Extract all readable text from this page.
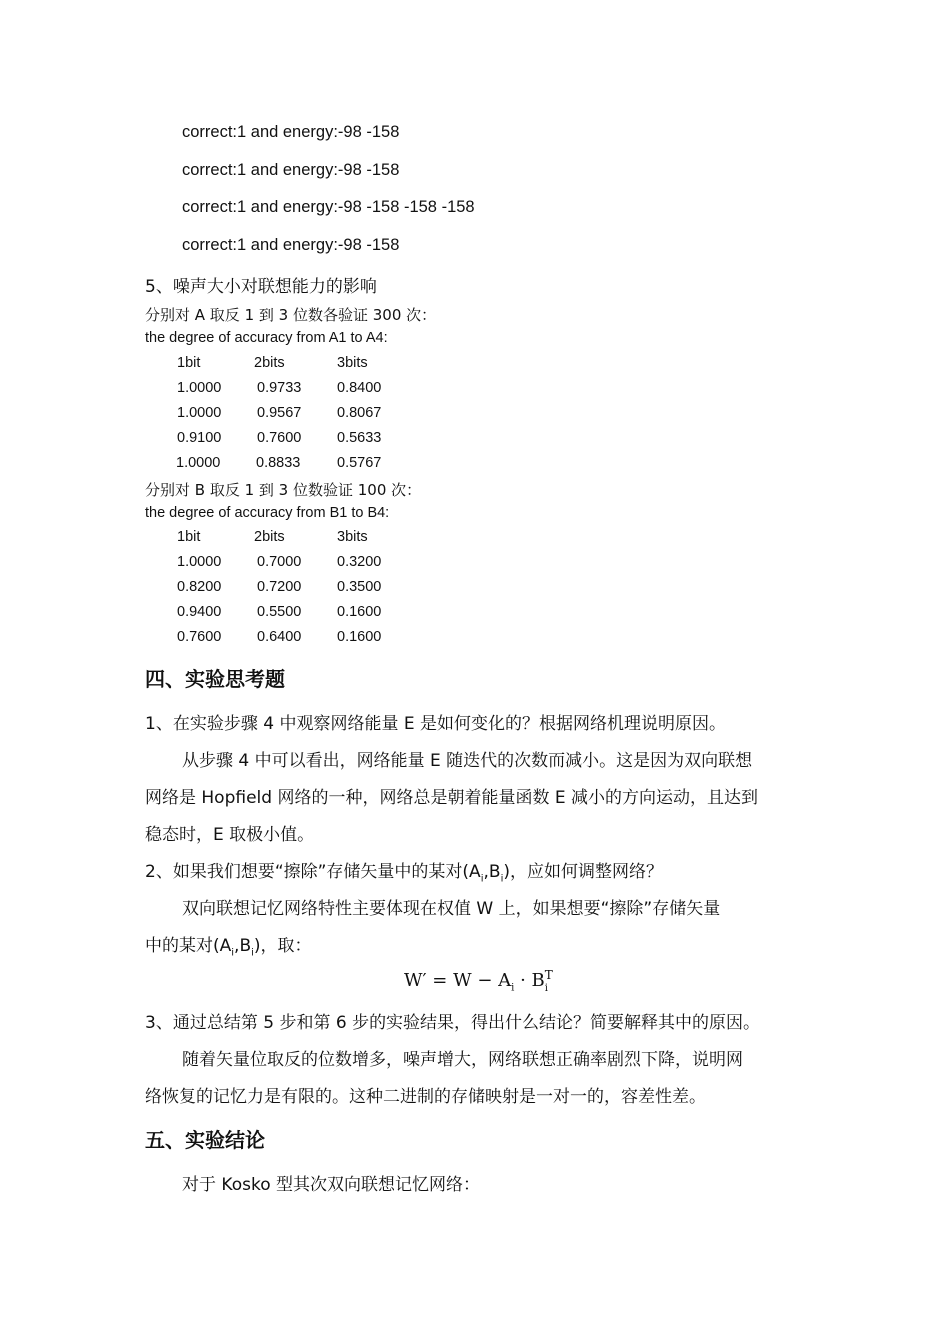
correct:1 and energy:-98 -158
correct:1 and energy:-98 -158
correct:1 and energy:-98 -158 -158 -158
correct:1 and energy:-98 -158
5、噪声大小对联想能力的影响
分别对 A 取反 1 到 3 位数各验证 300 次：
the degree of accuracy from A1 to A4:
1bit	2bits	3bits
1.0000 0.9733 0.8400
1.0000 0.9567 0.8067
0.9100 0.7600 0.5633
1.0000 0.8833	0.5767
分别对 B 取反 1 到 3 位数验证 100 次：
the degree of accuracy from B1 to B4:
1bit	2bits	3bits
1.0000 0.7000 0.3200
0.8200 0.7200 0.3500
0.9400 0.5500 0.1600
0.7600 0.6400 0.1600
四、实验思考题
1、在实验步骤 4 中观察网络能量 E 是如何变化的？根据网络机理说明原因。
从步骤 4 中可以看出，网络能量 E 随迭代的次数而减小。这是因为双向联想
网络是 Hopfield 网络的一种，网络总是朝着能量函数 E 减小的方向运动，且达到
稳态时，E 取极小值。
2、如果我们想要“擦除”存储矢量中的某对$(A_i,B_i)$，应如何调整网络？
双向联想记忆网络特性主要体现在权值 W 上，如果想要“擦除”存储矢量
中的某对$(A_i,B_i)$，取：
$W' = W - A_i \cdot B^T_i$
3、通过总结第 5 步和第 6 步的实验结果，得出什么结论？简要解释其中的原因。
随着矢量位取反的位数增多，噪声增大，网络联想正确率剧烈下降，说明网
络恢复的记忆力是有限的。这种二进制的存储映射是一对一的，容差性差。
五、实验结论
对于 Kosko 型其次双向联想记忆网络：
